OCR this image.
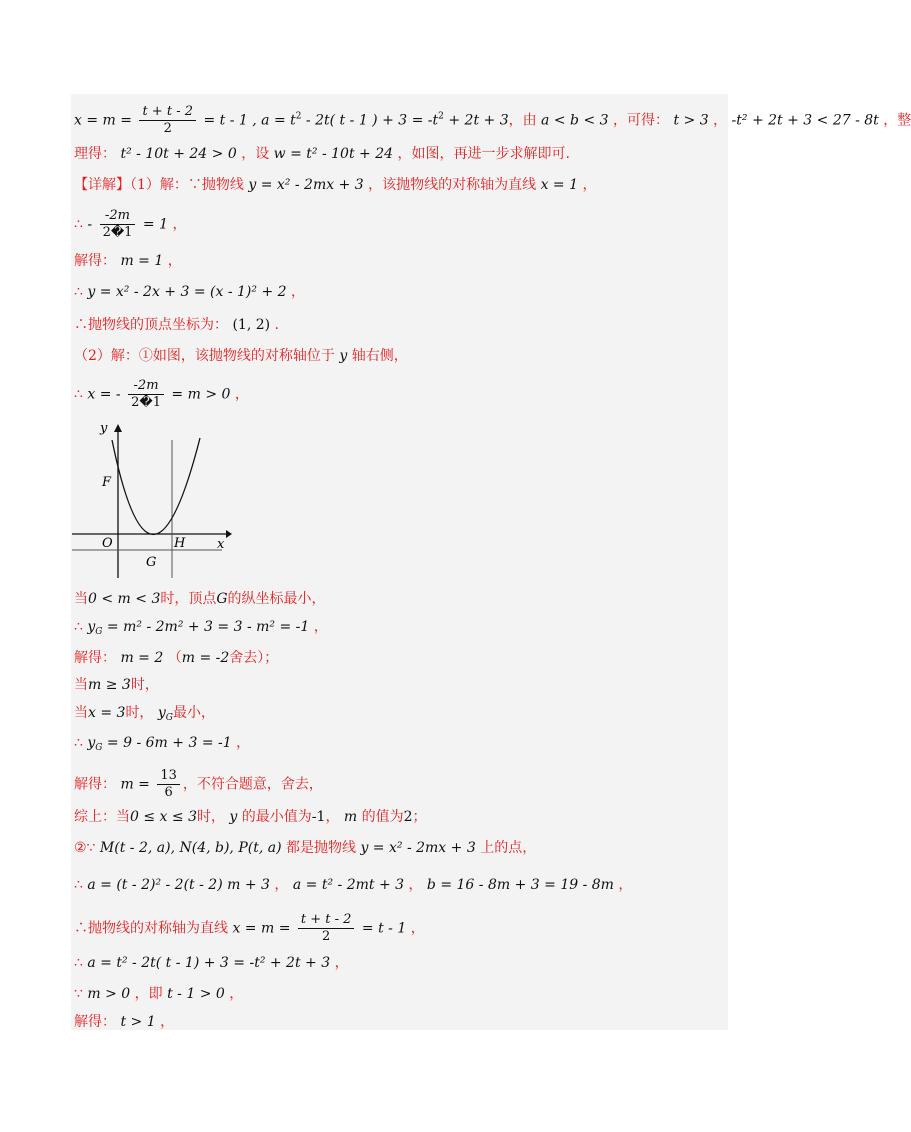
$x = m = \frac{t + t - 2}{2} = t - 1$ , $a = t^2 - 2t$( t - 1 ) + $3 = -t^2 + 2t + 3$，由 a < b < 3 ，可得： t > 3 ， -t² + 2t + 3 < 27 - 8t ，整
理得： t² - 10t + 24 > 0 ，设 w = t² - 10t + 24 ，如图，再进一步求解即可.
【详解】（1）解：∵抛物线 y = x² - 2mx + 3 ，该抛物线的对称轴为直线 x = 1 ，
∴ - $\frac{-2m}{2�1} = 1$ ，
解得： m = 1 ，
∴ y = x² - 2x + 3 = (x - 1)² + 2 ，
∴抛物线的顶点坐标为： (1, 2) .
（2）解：①如图，该抛物线的对称轴位于 y 轴右侧，
∴ x = - $\frac{-2m}{2�1} = m > 0$ ，
y
x
O
F
H
G
当0 < m < 3时，顶点G的纵坐标最小，
∴ $y_G = m^2 - 2m^2 + 3 = 3 - m^2 = -1$ ，
解得： m = 2 （m = -2舍去）；
当m ≥ 3时，
当x = 3时， $y_G$最小，
∴ $y_G = 9 - 6m + 3 = -1$ ，
解得： $m = \frac{13}{6}$ ，不符合题意，舍去，
综上：当0 ≤ x ≤ 3时， y 的最小值为-1， m 的值为2；
②∵ M(t - 2, a), N(4, b), P(t, a) 都是抛物线 y = x² - 2mx + 3 上的点，
∴ a = (t - 2)² - 2(t - 2) m + 3 ， a = t² - 2mt + 3 ， b = 16 - 8m + 3 = 19 - 8m ，
∴抛物线的对称轴为直线 $x = m = \frac{t + t - 2}{2} = t - 1$ ，
∴ a = t² - 2t( t - 1) + 3 = -t² + 2t + 3 ，
∵ m > 0 ，即 t - 1 > 0 ，
解得： t > 1 ，
